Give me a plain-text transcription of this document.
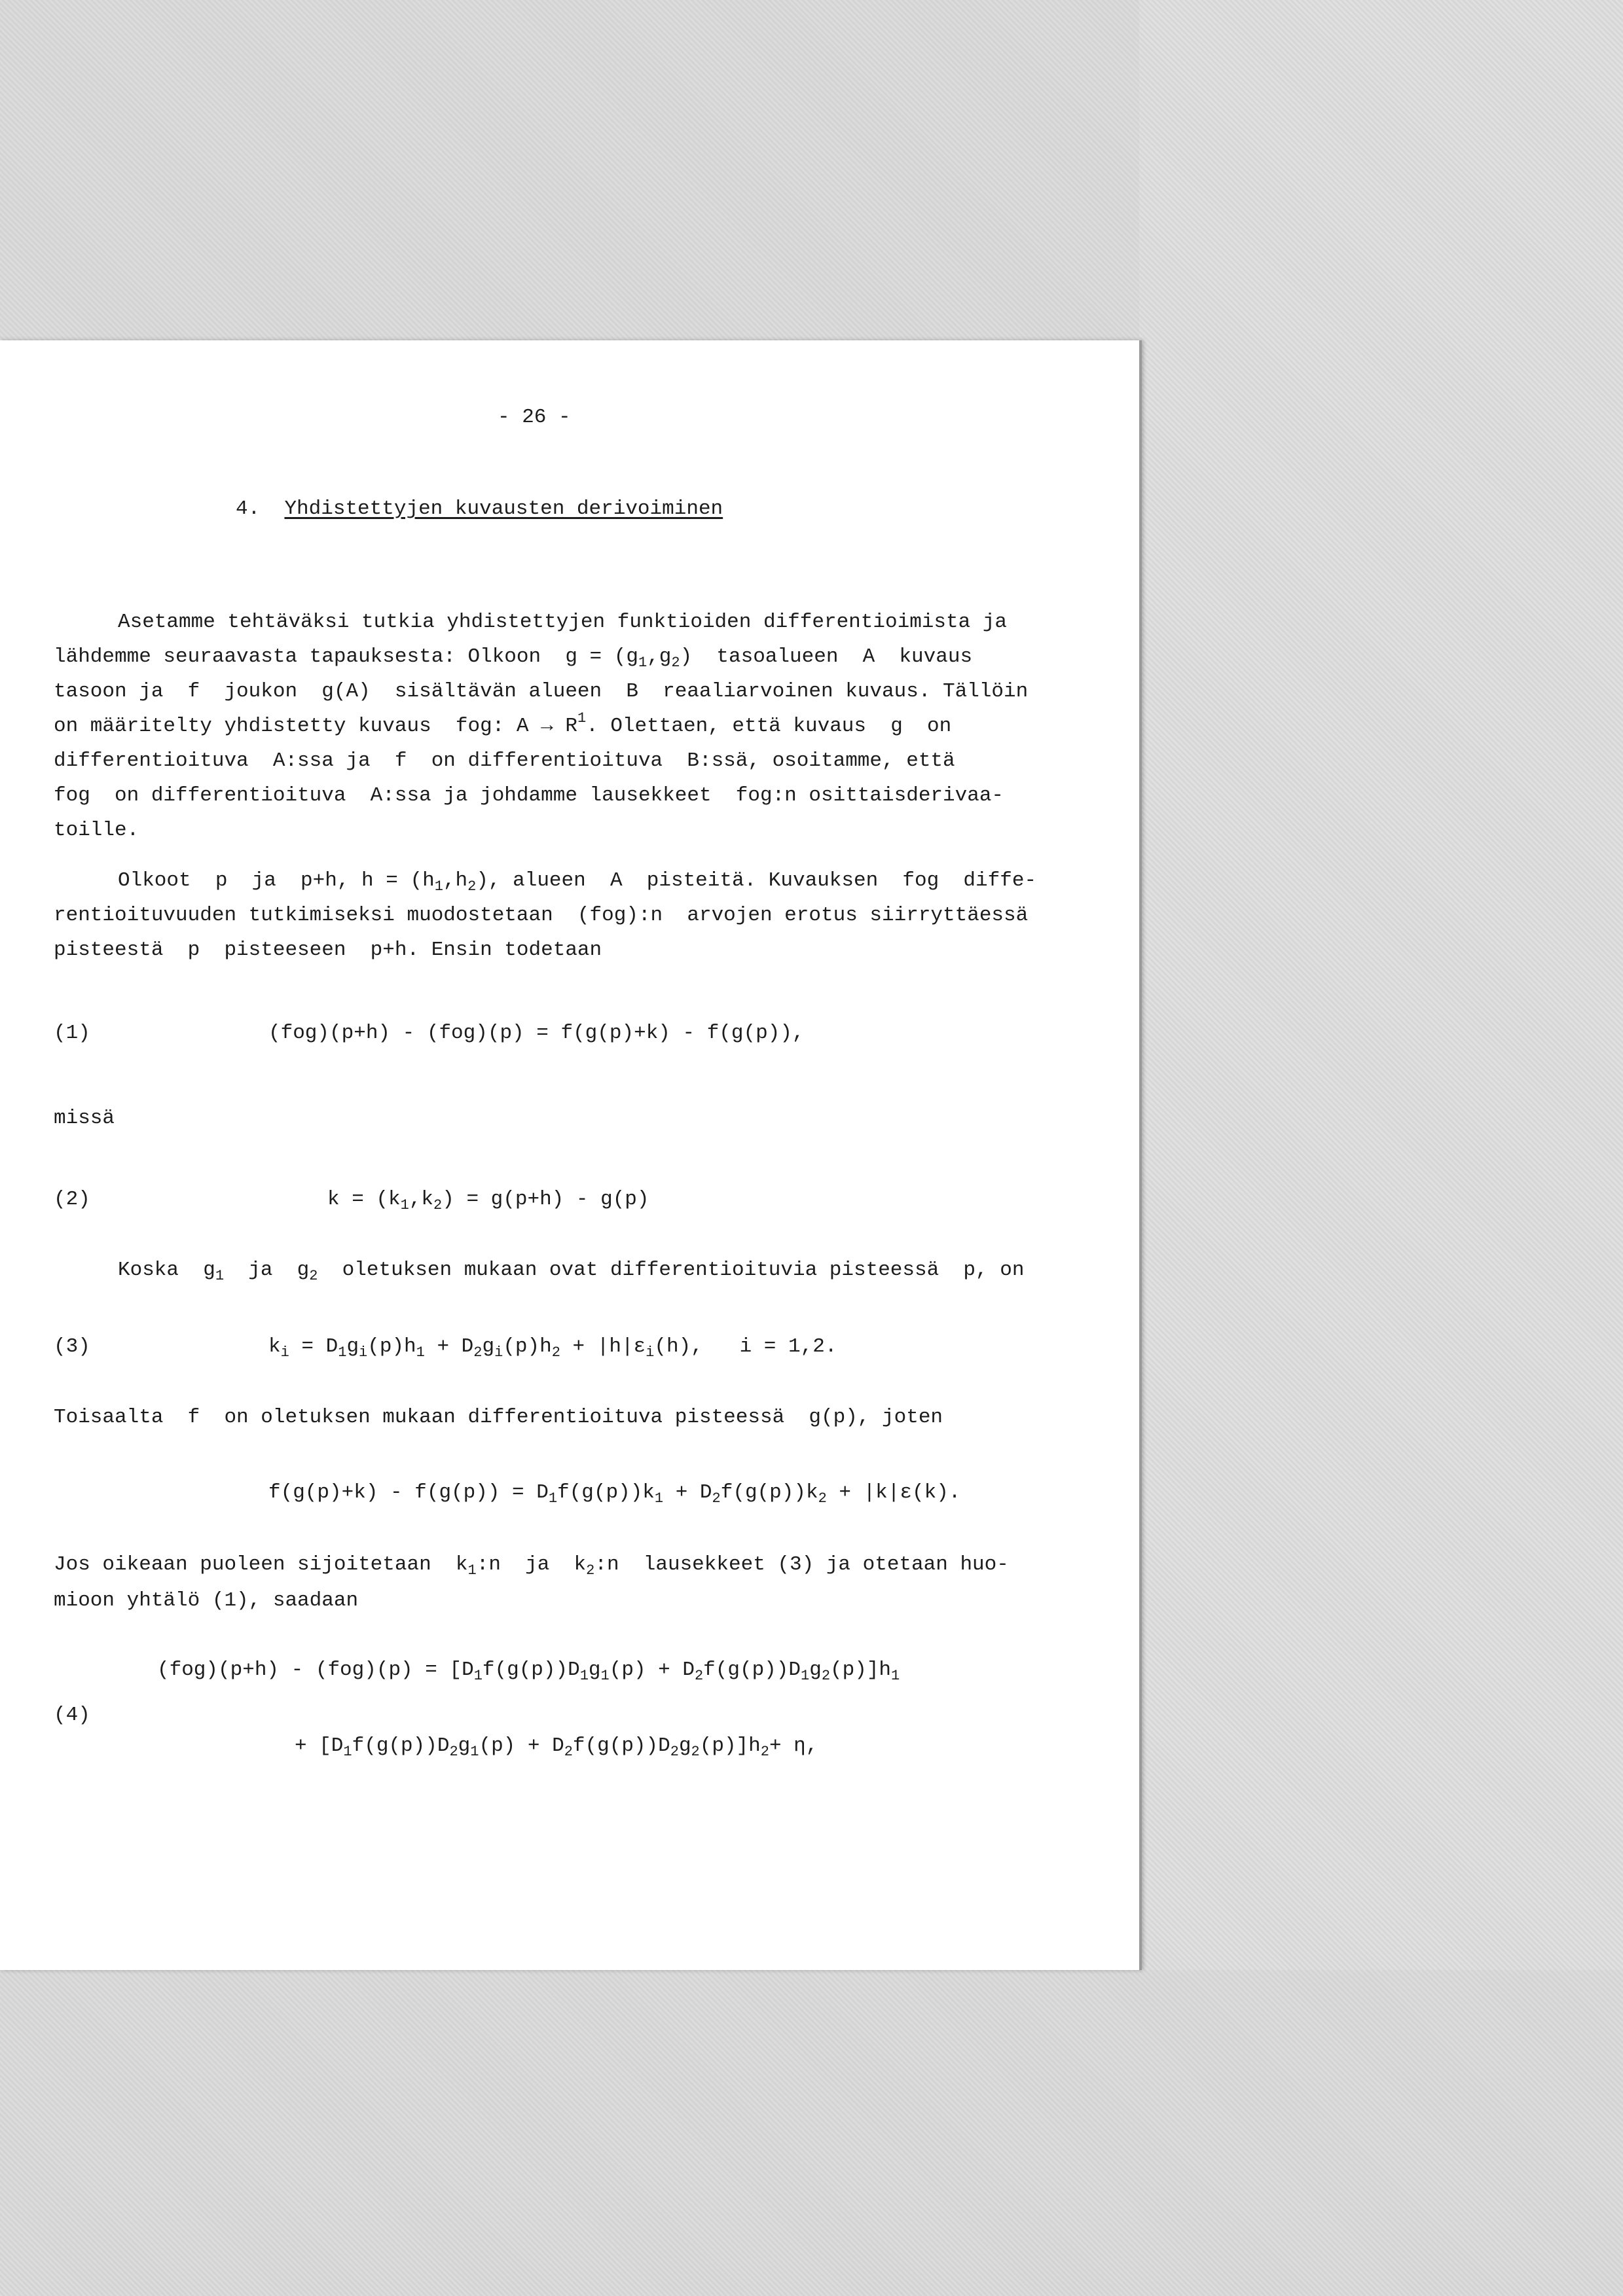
- 26 -
4. Yhdistettyjen kuvausten derivoiminen
Asetamme tehtäväksi tutkia yhdistettyjen funktioiden differentioimista ja
lähdemme seuraavasta tapauksesta: Olkoon  $g = (g_1,g_2)$  tasoalueen  A  kuvaus
tasoon ja  f  joukon  g(A)  sisältävän alueen  B  reaaliarvoinen kuvaus. Tällöin
on määritelty yhdistetty kuvaus  fog: $A \to R^1$. Olettaen, että kuvaus  g  on
differentioituva  A:ssa ja  f  on differentioituva  B:ssä, osoitamme, että
fog  on differentioituva  A:ssa ja johdamme lausekkeet  fog:n osittaisderivaa-
toille.
Olkoot  p  ja  p+h, $h = (h_1,h_2)$, alueen  A  pisteitä. Kuvauksen  fog  diffe-
rentioituvuuden tutkimiseksi muodostetaan  (fog):n  arvojen erotus siirryttäessä
pisteestä  p  pisteeseen  p+h. Ensin todetaan
(1)	(fog)(p+h) - (fog)(p) = f(g(p)+k) - f(g(p)),
missä
(2)	$k = (k_1,k_2) = g(p+h) - g(p)$
Koska  $g_1$  ja  $g_2$  oletuksen mukaan ovat differentioituvia pisteessä  p, on
(3)	$k_i = D_1g_i(p)h_1 + D_2g_i(p)h_2 + |h|\varepsilon_i(h)$,   i = 1,2.
Toisaalta  f  on oletuksen mukaan differentioituva pisteessä  g(p), joten
$f(g(p)+k) - f(g(p)) = D_1f(g(p))k_1 + D_2f(g(p))k_2 + |k|\varepsilon(k)$.
Jos oikeaan puoleen sijoitetaan  $k_1:n$  ja  $k_2:n$  lausekkeet (3) ja otetaan huo-
mioon yhtälö (1), saadaan
(4)
$(fog)(p+h) - (fog)(p) = [D_1f(g(p))D_1g_1(p) + D_2f(g(p))D_1g_2(p)]h_1$
+ $[D_1f(g(p))D_2g_1(p) + D_2f(g(p))D_2g_2(p)]h_2+ \eta$,
